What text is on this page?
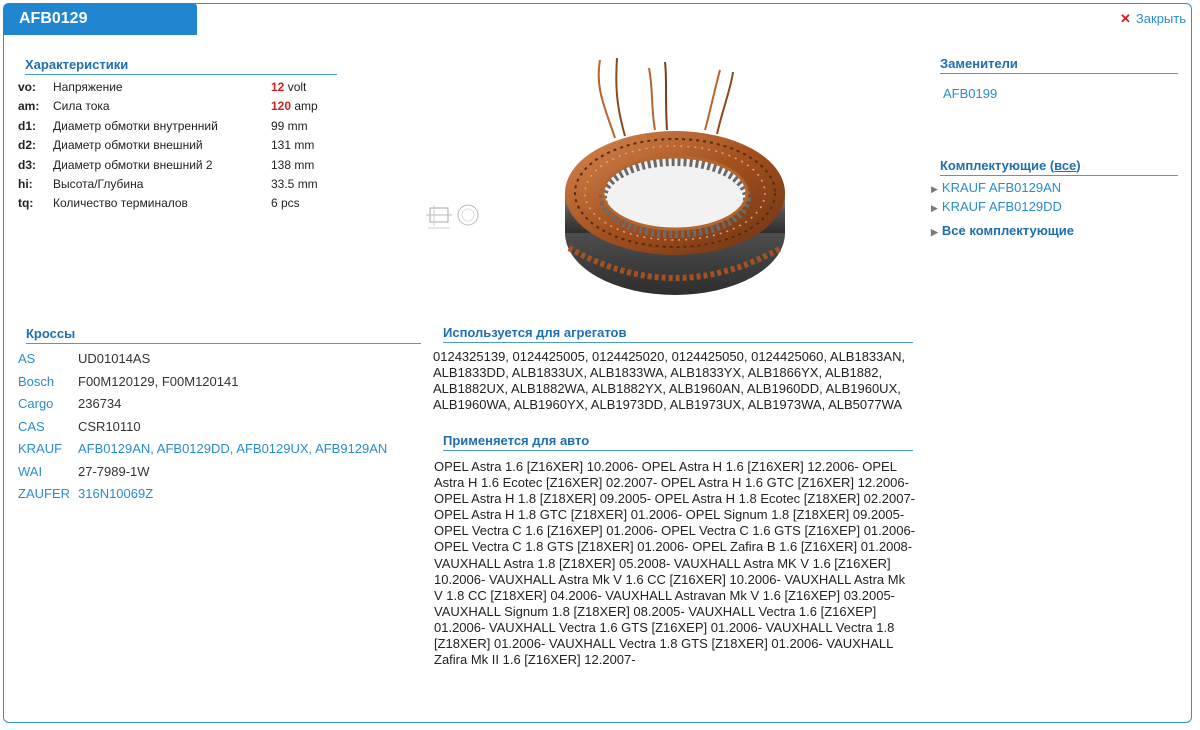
AFB0129	✕ Закрыть
Характеристики
vo:	Напряжение	12 volt
am:	Сила тока	120 amp
d1:	Диаметр обмотки внутренний	99 mm
d2:	Диаметр обмотки внешний	131 mm
d3:	Диаметр обмотки внешний 2	138 mm
hi:	Высота/Глубина	33.5 mm
tq:	Количество терминалов	6 pcs
Заменители
AFB0199
Комплектующие (все)
▶ KRAUF AFB0129AN
▶ KRAUF AFB0129DD
▶ Все комплектующие
Кроссы
AS	UD01014AS
Bosch F00M120129, F00M120141
Cargo 236734
CAS	CSR10110
KRAUF AFB0129AN, AFB0129DD, AFB0129UX, AFB9129AN
WAI	27-7989-1W
ZAUFER 316N10069Z
Используется для агрегатов
0124325139, 0124425005, 0124425020, 0124425050, 0124425060, ALB1833AN, ALB1833DD, ALB1833UX, ALB1833WA, ALB1833YX, ALB1866YX, ALB1882, ALB1882UX, ALB1882WA, ALB1882YX, ALB1960AN, ALB1960DD, ALB1960UX, ALB1960WA, ALB1960YX, ALB1973DD, ALB1973UX, ALB1973WA, ALB5077WA
Применяется для авто
OPEL Astra 1.6 [Z16XER] 10.2006- OPEL Astra H 1.6 [Z16XER] 12.2006- OPEL Astra H 1.6 Ecotec [Z16XER] 02.2007- OPEL Astra H 1.6 GTC [Z16XER] 12.2006- OPEL Astra H 1.8 [Z18XER] 09.2005- OPEL Astra H 1.8 Ecotec [Z18XER] 02.2007- OPEL Astra H 1.8 GTC [Z18XER] 01.2006- OPEL Signum 1.8 [Z18XER] 09.2005- OPEL Vectra C 1.6 [Z16XEP] 01.2006- OPEL Vectra C 1.6 GTS [Z16XEP] 01.2006- OPEL Vectra C 1.8 GTS [Z18XER] 01.2006- OPEL Zafira B 1.6 [Z16XER] 01.2008- VAUXHALL Astra 1.8 [Z18XER] 05.2008- VAUXHALL Astra MK V 1.6 [Z16XER] 10.2006- VAUXHALL Astra Mk V 1.6 CC [Z16XER] 10.2006- VAUXHALL Astra Mk V 1.8 CC [Z18XER] 04.2006- VAUXHALL Astravan Mk V 1.6 [Z16XEP] 03.2005- VAUXHALL Signum 1.8 [Z18XER] 08.2005- VAUXHALL Vectra 1.6 [Z16XEP] 01.2006- VAUXHALL Vectra 1.6 GTS [Z16XEP] 01.2006- VAUXHALL Vectra 1.8 [Z18XER] 01.2006- VAUXHALL Vectra 1.8 GTS [Z18XER] 01.2006- VAUXHALL Zafira Mk II 1.6 [Z16XER] 12.2007-
